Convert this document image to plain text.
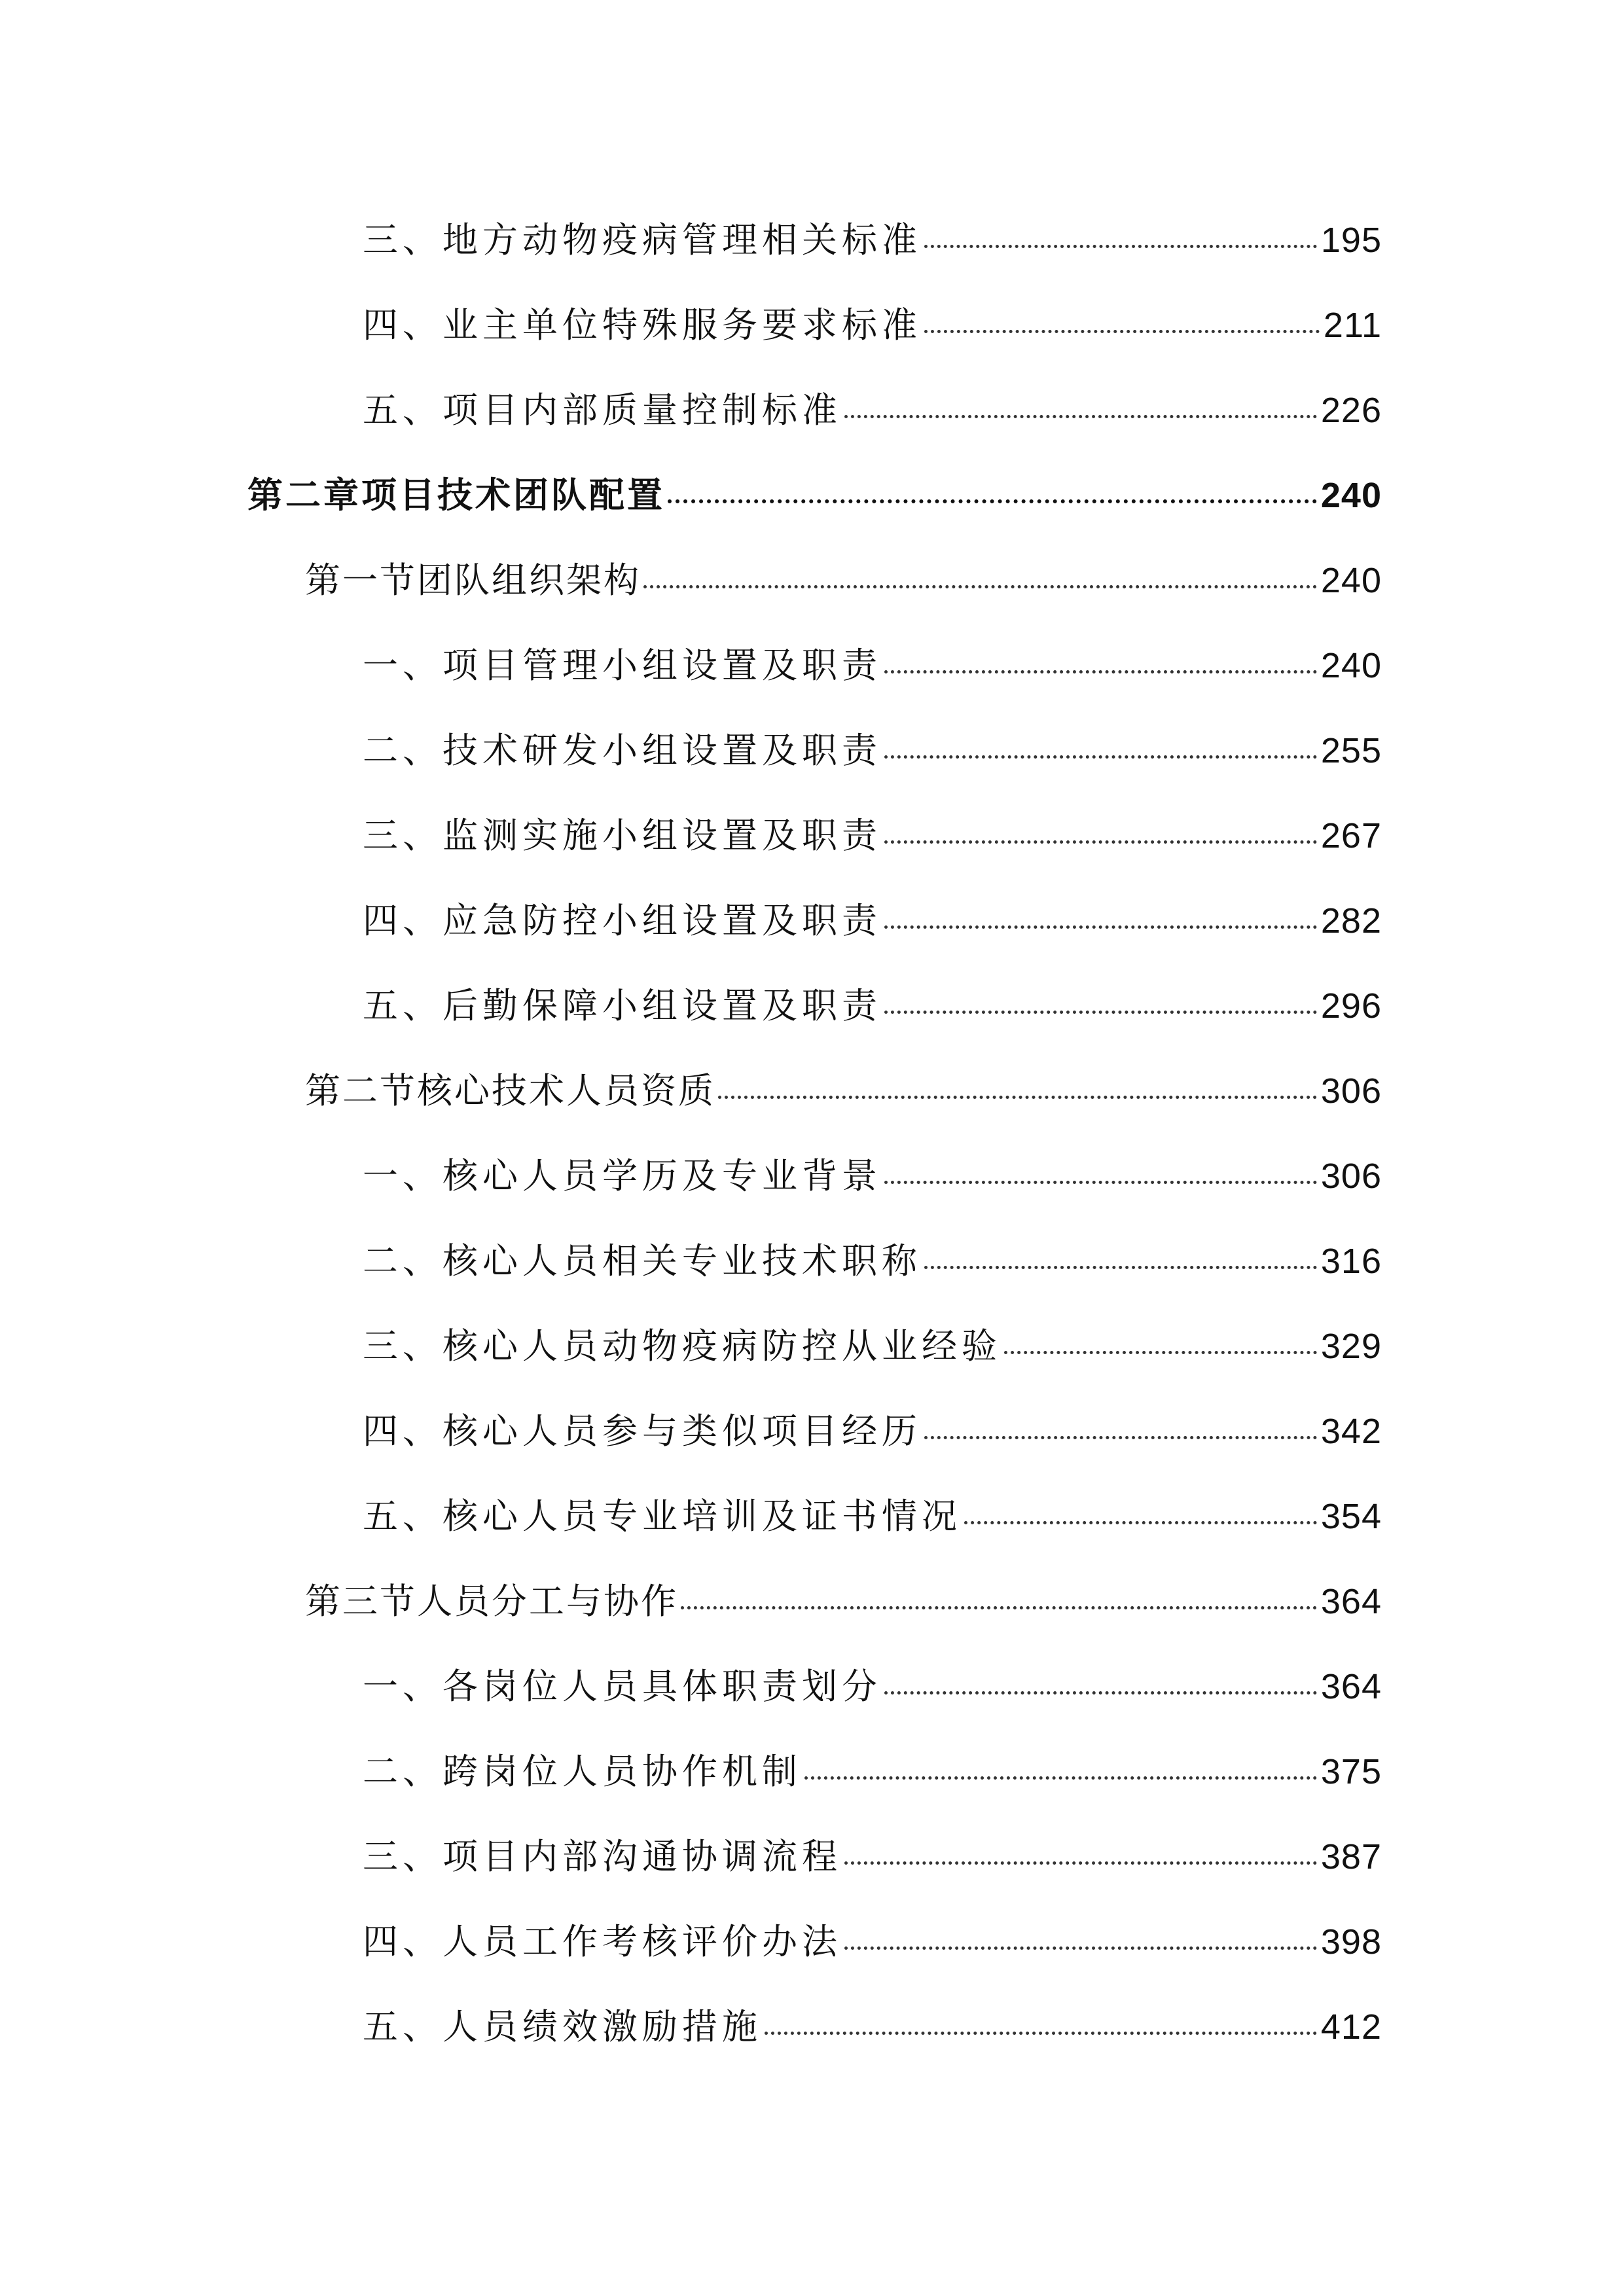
三、地方动物疫病管理相关标准	195
四、业主单位特殊服务要求标准	211
五、项目内部质量控制标准	226
第二章项目技术团队配置	240
第一节团队组织架构	240
一、项目管理小组设置及职责	240
二、技术研发小组设置及职责	255
三、监测实施小组设置及职责	267
四、应急防控小组设置及职责	282
五、后勤保障小组设置及职责	296
第二节核心技术人员资质	306
一、核心人员学历及专业背景	306
二、核心人员相关专业技术职称	316
三、核心人员动物疫病防控从业经验	329
四、核心人员参与类似项目经历	342
五、核心人员专业培训及证书情况	354
第三节人员分工与协作	364
一、各岗位人员具体职责划分	364
二、跨岗位人员协作机制	375
三、项目内部沟通协调流程	387
四、人员工作考核评价办法	398
五、人员绩效激励措施	412
